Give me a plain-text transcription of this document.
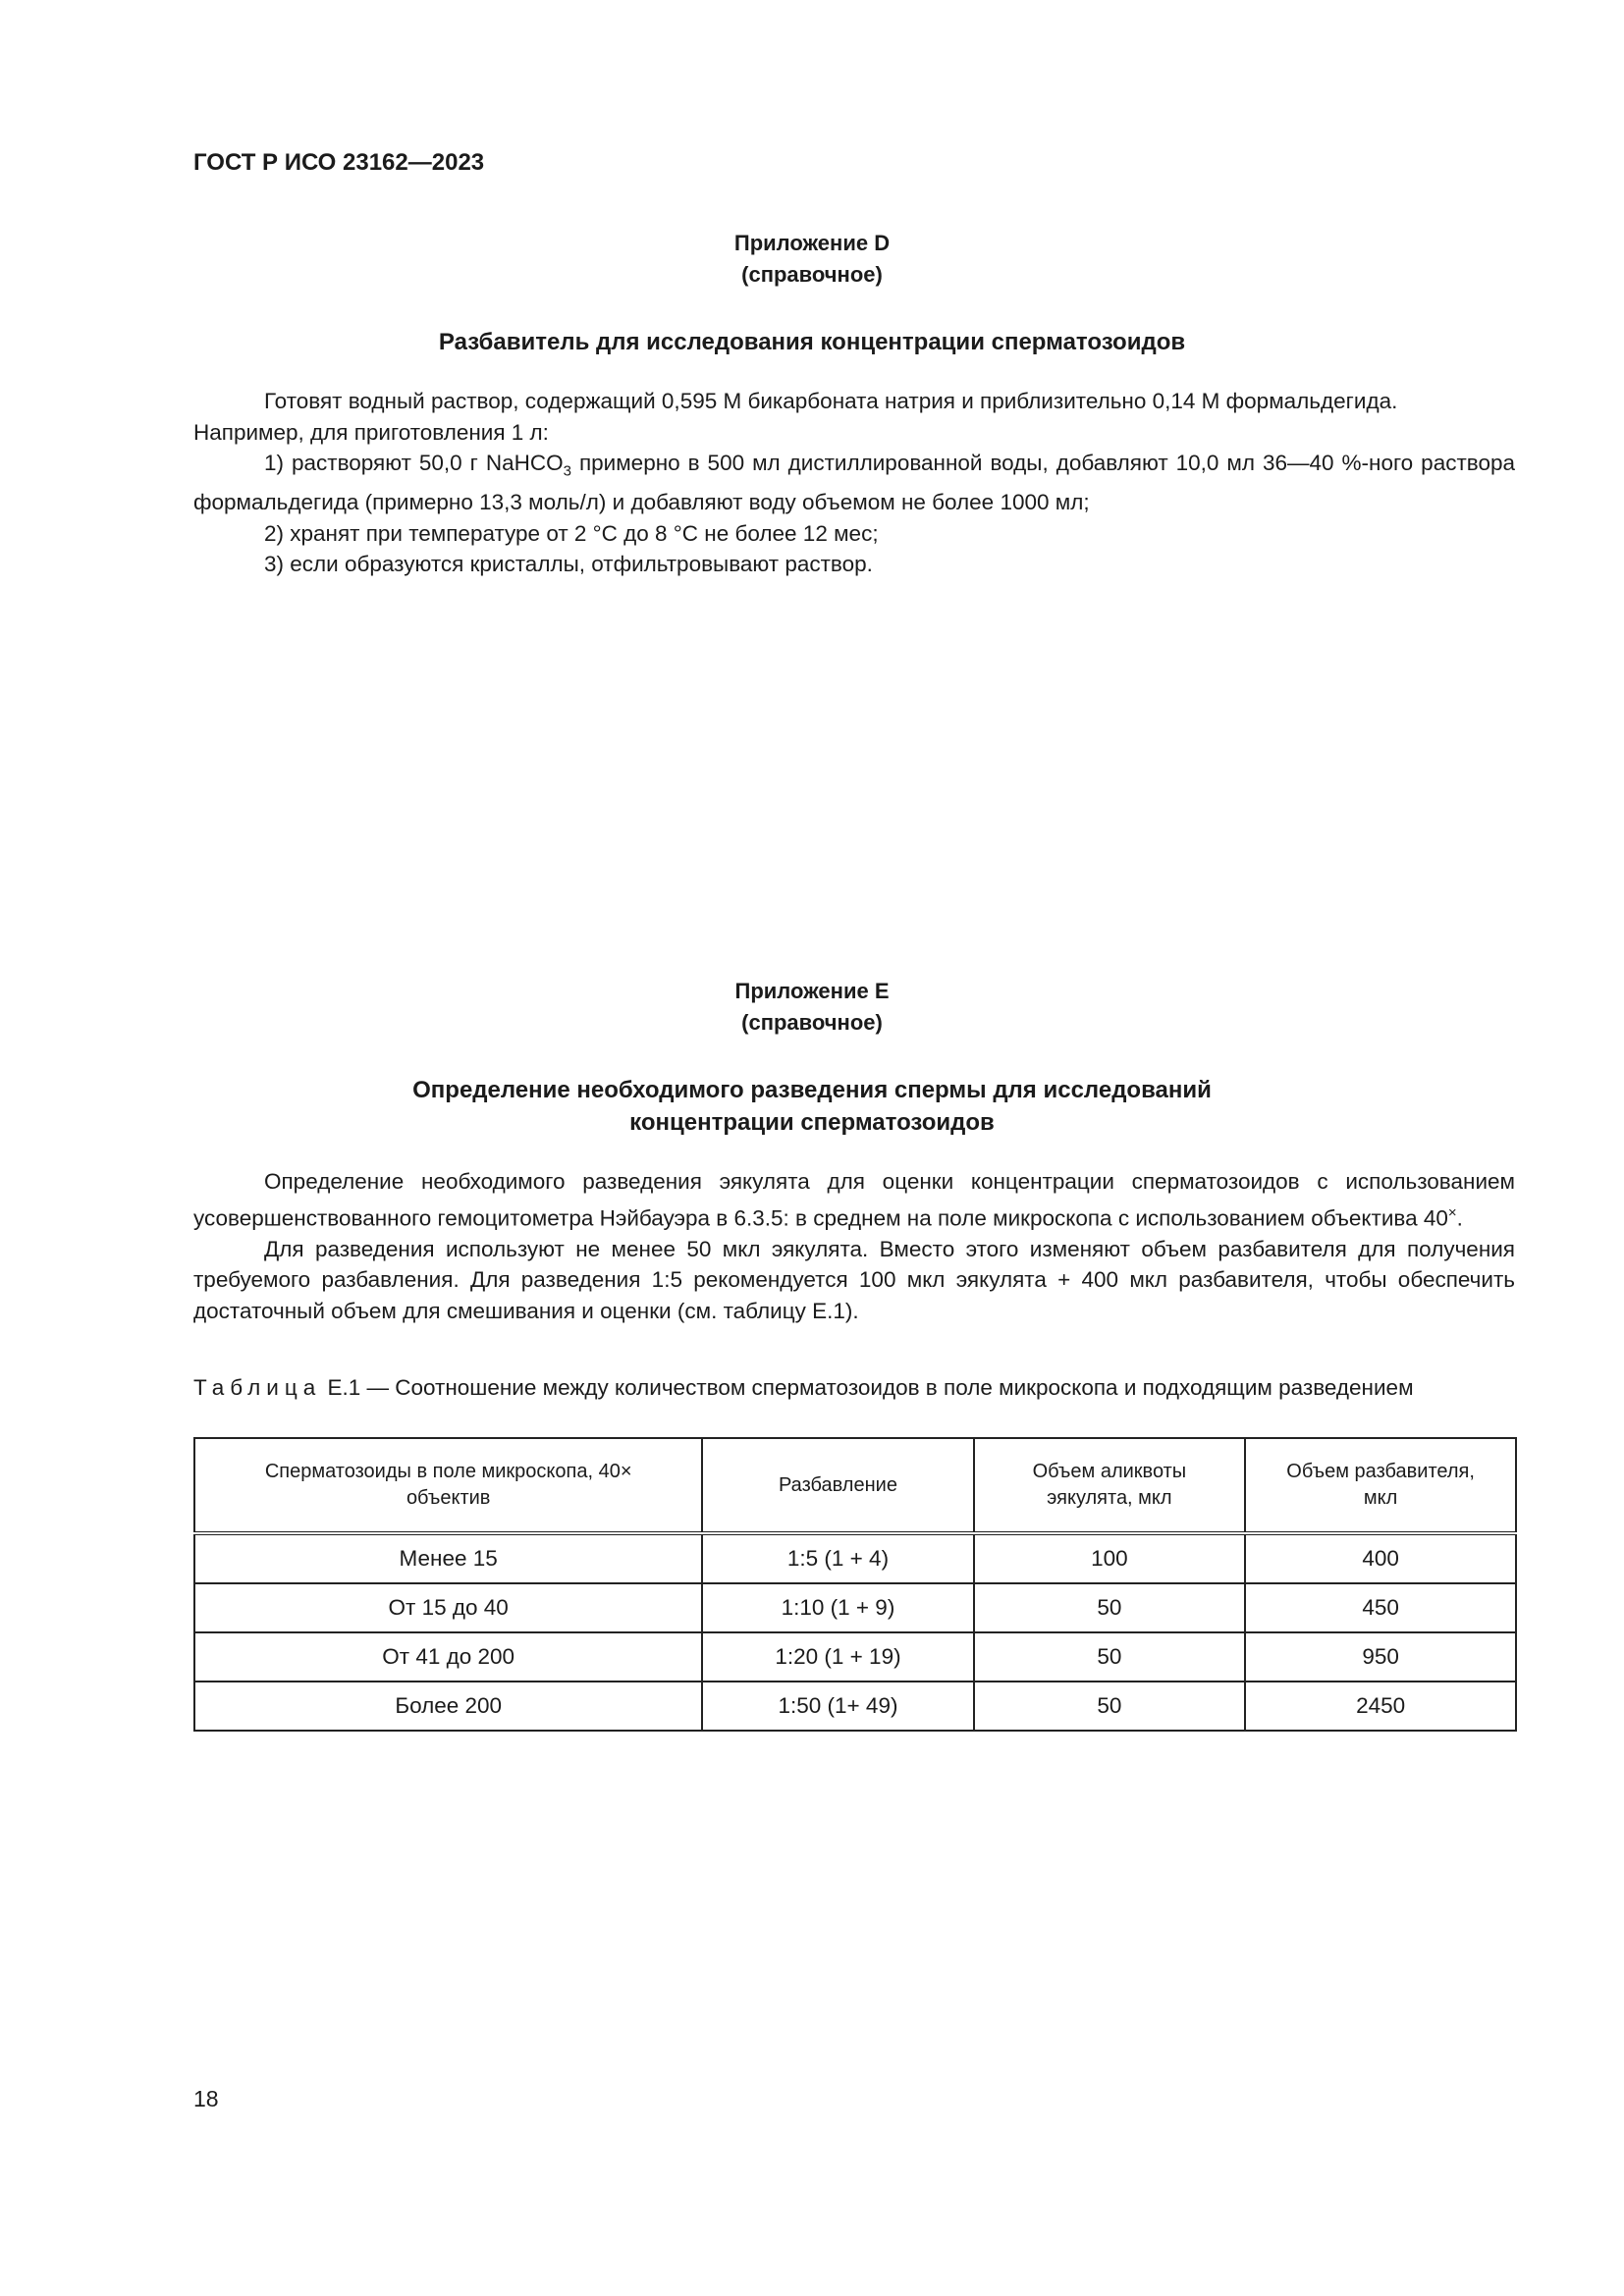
ГОСТ Р ИСО 23162—2023
Приложение D
(справочное)
Разбавитель для исследования концентрации сперматозоидов

Готовят водный раствор, содержащий 0,595 М бикарбоната натрия и приблизительно 0,14 М формальдегида.

Например, для приготовления 1 л:

1) растворяют 50,0 г NaHCO$_3$ примерно в 500 мл дистиллированной воды, добавляют 10,0 мл 36—40 %-ного раствора формальдегида (примерно 13,3 моль/л) и добавляют воду объемом не более 1000 мл;

2) хранят при температуре от 2 °С до 8 °С не более 12 мес;

3) если образуются кристаллы, отфильтровывают раствор.

Приложение Е
(справочное)
Определение необходимого разведения спермы для исследований
концентрации сперматозоидов

Определение необходимого разведения эякулята для оценки концентрации сперматозоидов с использованием усовершенствованного гемоцитометра Нэйбауэра в 6.3.5: в среднем на поле микроскопа с использованием объектива 40×.

Для разведения используют не менее 50 мкл эякулята. Вместо этого изменяют объем разбавителя для получения требуемого разбавления. Для разведения 1:5 рекомендуется 100 мкл эякулята + 400 мкл разбавителя, чтобы обеспечить достаточный объем для смешивания и оценки (см. таблицу Е.1).

Таблица Е.1 — Соотношение между количеством сперматозоидов в поле микроскопа и подходящим разведением

Сперматозоиды в поле микроскопа, 40× объектив	Разбавление	Объем аликвоты эякулята, мкл	Объем разбавителя, мкл

Менее 15	1:5 (1 + 4)	100	400
От 15 до 40	1:10 (1 + 9)	50	450
От 41 до 200	1:20 (1 + 19)	50	950
Более 200	1:50 (1+ 49)	50	2450
18
